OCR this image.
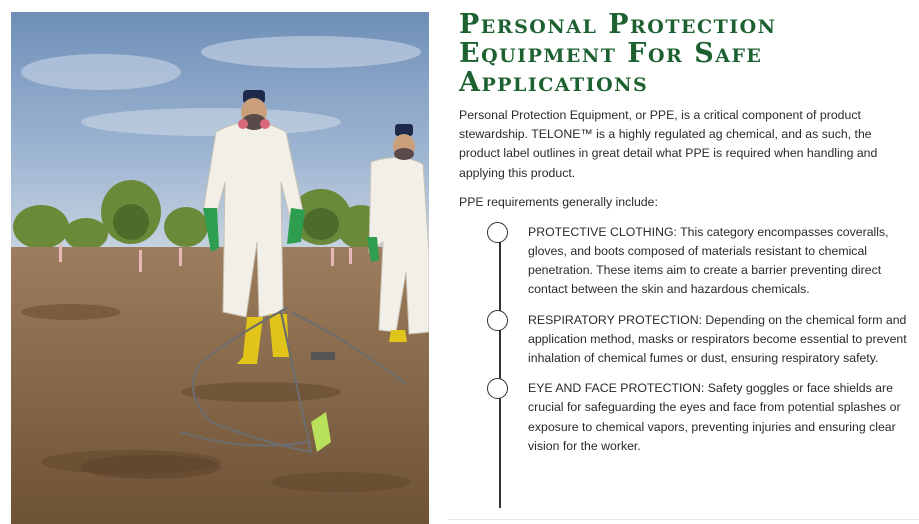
Personal Protection Equipment For Safe Applications

Personal Protection Equipment, or PPE, is a critical component of product stewardship. TELONE™ is a highly regulated ag chemical, and as such, the product label outlines in great detail what PPE is required when handling and applying this product.

PPE requirements generally include:

PROTECTIVE CLOTHING: This category encompasses coveralls, gloves, and boots composed of materials resistant to chemical penetration. These items aim to create a barrier preventing direct contact between the skin and hazardous chemicals.
RESPIRATORY PROTECTION: Depending on the chemical form and application method, masks or respirators become essential to prevent inhalation of chemical fumes or dust, ensuring respiratory safety.
EYE AND FACE PROTECTION: Safety goggles or face shields are crucial for safeguarding the eyes and face from potential splashes or exposure to chemical vapors, preventing injuries and ensuring clear vision for the worker.
